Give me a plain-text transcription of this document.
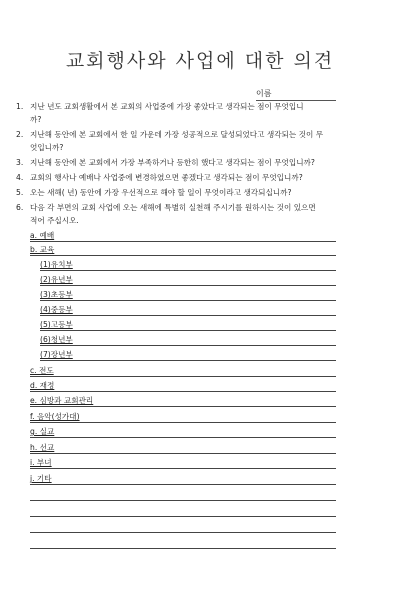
교회행사와 사업에 대한 의견
이름
1. 지난 년도 교회생활에서 본 교회의 사업중에 가장 좋았다고 생각되는 점이 무엇입니
까?
2. 지난해 동안에 본 교회에서 한 일 가운데 가장 성공적으로 달성되었다고 생각되는 것이 무
엇입니까?
3. 지난해 동안에 본 교회에서 가장 부족하거나 등한히 했다고 생각되는 점이 무엇입니까?
4. 교회의 행사나 예배나 사업중에 변경하였으면 좋겠다고 생각되는 점이 무엇입니까?
5. 오는 새해( 년) 동안에 가장 우선적으로 해야 할 일이 무엇이라고 생각되십니까?
6. 다음 각 부면의 교회 사업에 오는 새해에 특별히 실천해 주시기를 원하시는 것이 있으면
적어 주십시오.
a. 예배
b. 교육
(1)유치부
(2)유년부
(3)초등부
(4)중등부
(5)고등부
(6)청년부
(7)장년부
c. 전도
d. 재정
e. 심방과 교회관리
f. 음악(성가대)
g. 실교
h. 선교
i. 부녀
j. 기타
